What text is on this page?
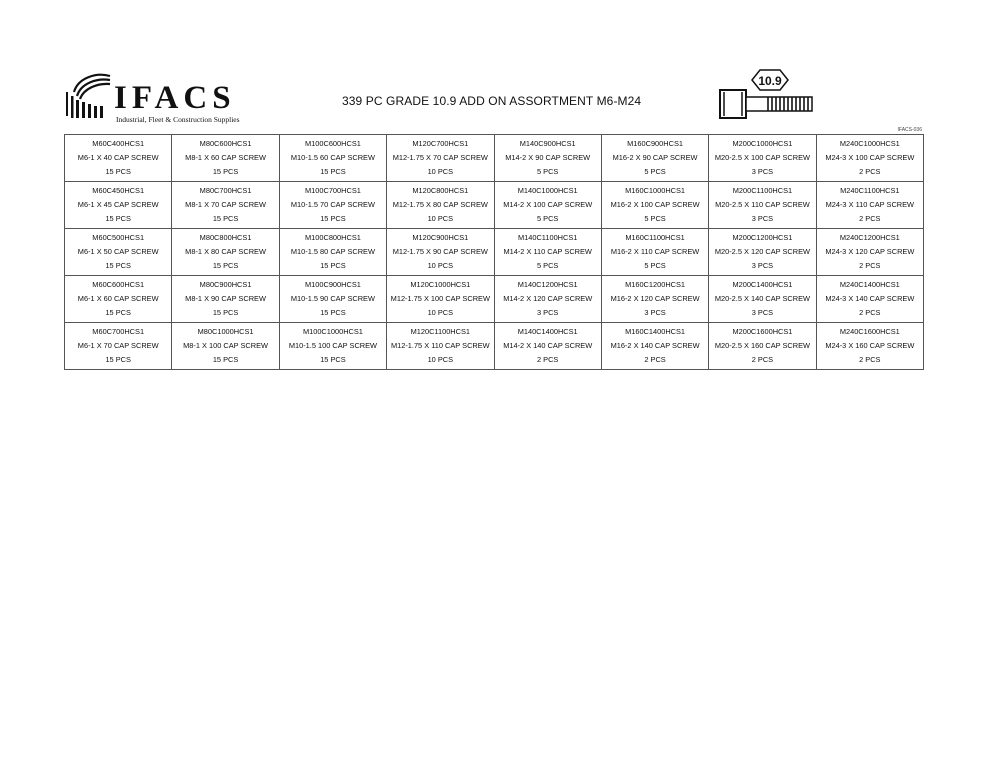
IFACS
Industrial, Fleet & Construction Supplies
339 PC GRADE 10.9 ADD ON ASSORTMENT M6-M24
10.9
IFACS-036
M60C400HCS1
M6-1 X 40 CAP SCREW
15 PCS	M80C600HCS1
M8-1 X 60 CAP SCREW
15 PCS	M100C600HCS1
M10-1.5 60 CAP SCREW
15 PCS	M120C700HCS1
M12-1.75 X 70 CAP SCREW
10 PCS	M140C900HCS1
M14-2 X 90 CAP SCREW
5 PCS	M160C900HCS1
M16-2 X 90 CAP SCREW
5 PCS	M200C1000HCS1
M20-2.5 X 100 CAP SCREW
3 PCS	M240C1000HCS1
M24-3 X 100 CAP SCREW
2 PCS

M60C450HCS1
M6-1 X 45 CAP SCREW
15 PCS	M80C700HCS1
M8-1 X 70 CAP SCREW
15 PCS	M100C700HCS1
M10-1.5 70 CAP SCREW
15 PCS	M120C800HCS1
M12-1.75 X 80 CAP SCREW
10 PCS	M140C1000HCS1
M14-2 X 100 CAP SCREW
5 PCS	M160C1000HCS1
M16-2 X 100 CAP SCREW
5 PCS	M200C1100HCS1
M20-2.5 X 110 CAP SCREW
3 PCS	M240C1100HCS1
M24-3 X 110 CAP SCREW
2 PCS

M60C500HCS1
M6-1 X 50 CAP SCREW
15 PCS	M80C800HCS1
M8-1 X 80 CAP SCREW
15 PCS	M100C800HCS1
M10-1.5 80 CAP SCREW
15 PCS	M120C900HCS1
M12-1.75 X 90 CAP SCREW
10 PCS	M140C1100HCS1
M14-2 X 110 CAP SCREW
5 PCS	M160C1100HCS1
M16-2 X 110 CAP SCREW
5 PCS	M200C1200HCS1
M20-2.5 X 120 CAP SCREW
3 PCS	M240C1200HCS1
M24-3 X 120 CAP SCREW
2 PCS

M60C600HCS1
M6-1 X 60 CAP SCREW
15 PCS	M80C900HCS1
M8-1 X 90 CAP SCREW
15 PCS	M100C900HCS1
M10-1.5 90 CAP SCREW
15 PCS	M120C1000HCS1
M12-1.75 X 100 CAP SCREW
10 PCS	M140C1200HCS1
M14-2 X 120 CAP SCREW
3 PCS	M160C1200HCS1
M16-2 X 120 CAP SCREW
3 PCS	M200C1400HCS1
M20-2.5 X 140 CAP SCREW
3 PCS	M240C1400HCS1
M24-3 X 140 CAP SCREW
2 PCS

M60C700HCS1
M6-1 X 70 CAP SCREW
15 PCS	M80C1000HCS1
M8-1 X 100 CAP SCREW
15 PCS	M100C1000HCS1
M10-1.5 100 CAP SCREW
15 PCS	M120C1100HCS1
M12-1.75 X 110 CAP SCREW
10 PCS	M140C1400HCS1
M14-2 X 140 CAP SCREW
2 PCS	M160C1400HCS1
M16-2 X 140 CAP SCREW
2 PCS	M200C1600HCS1
M20-2.5 X 160 CAP SCREW
2 PCS	M240C1600HCS1
M24-3 X 160 CAP SCREW
2 PCS
